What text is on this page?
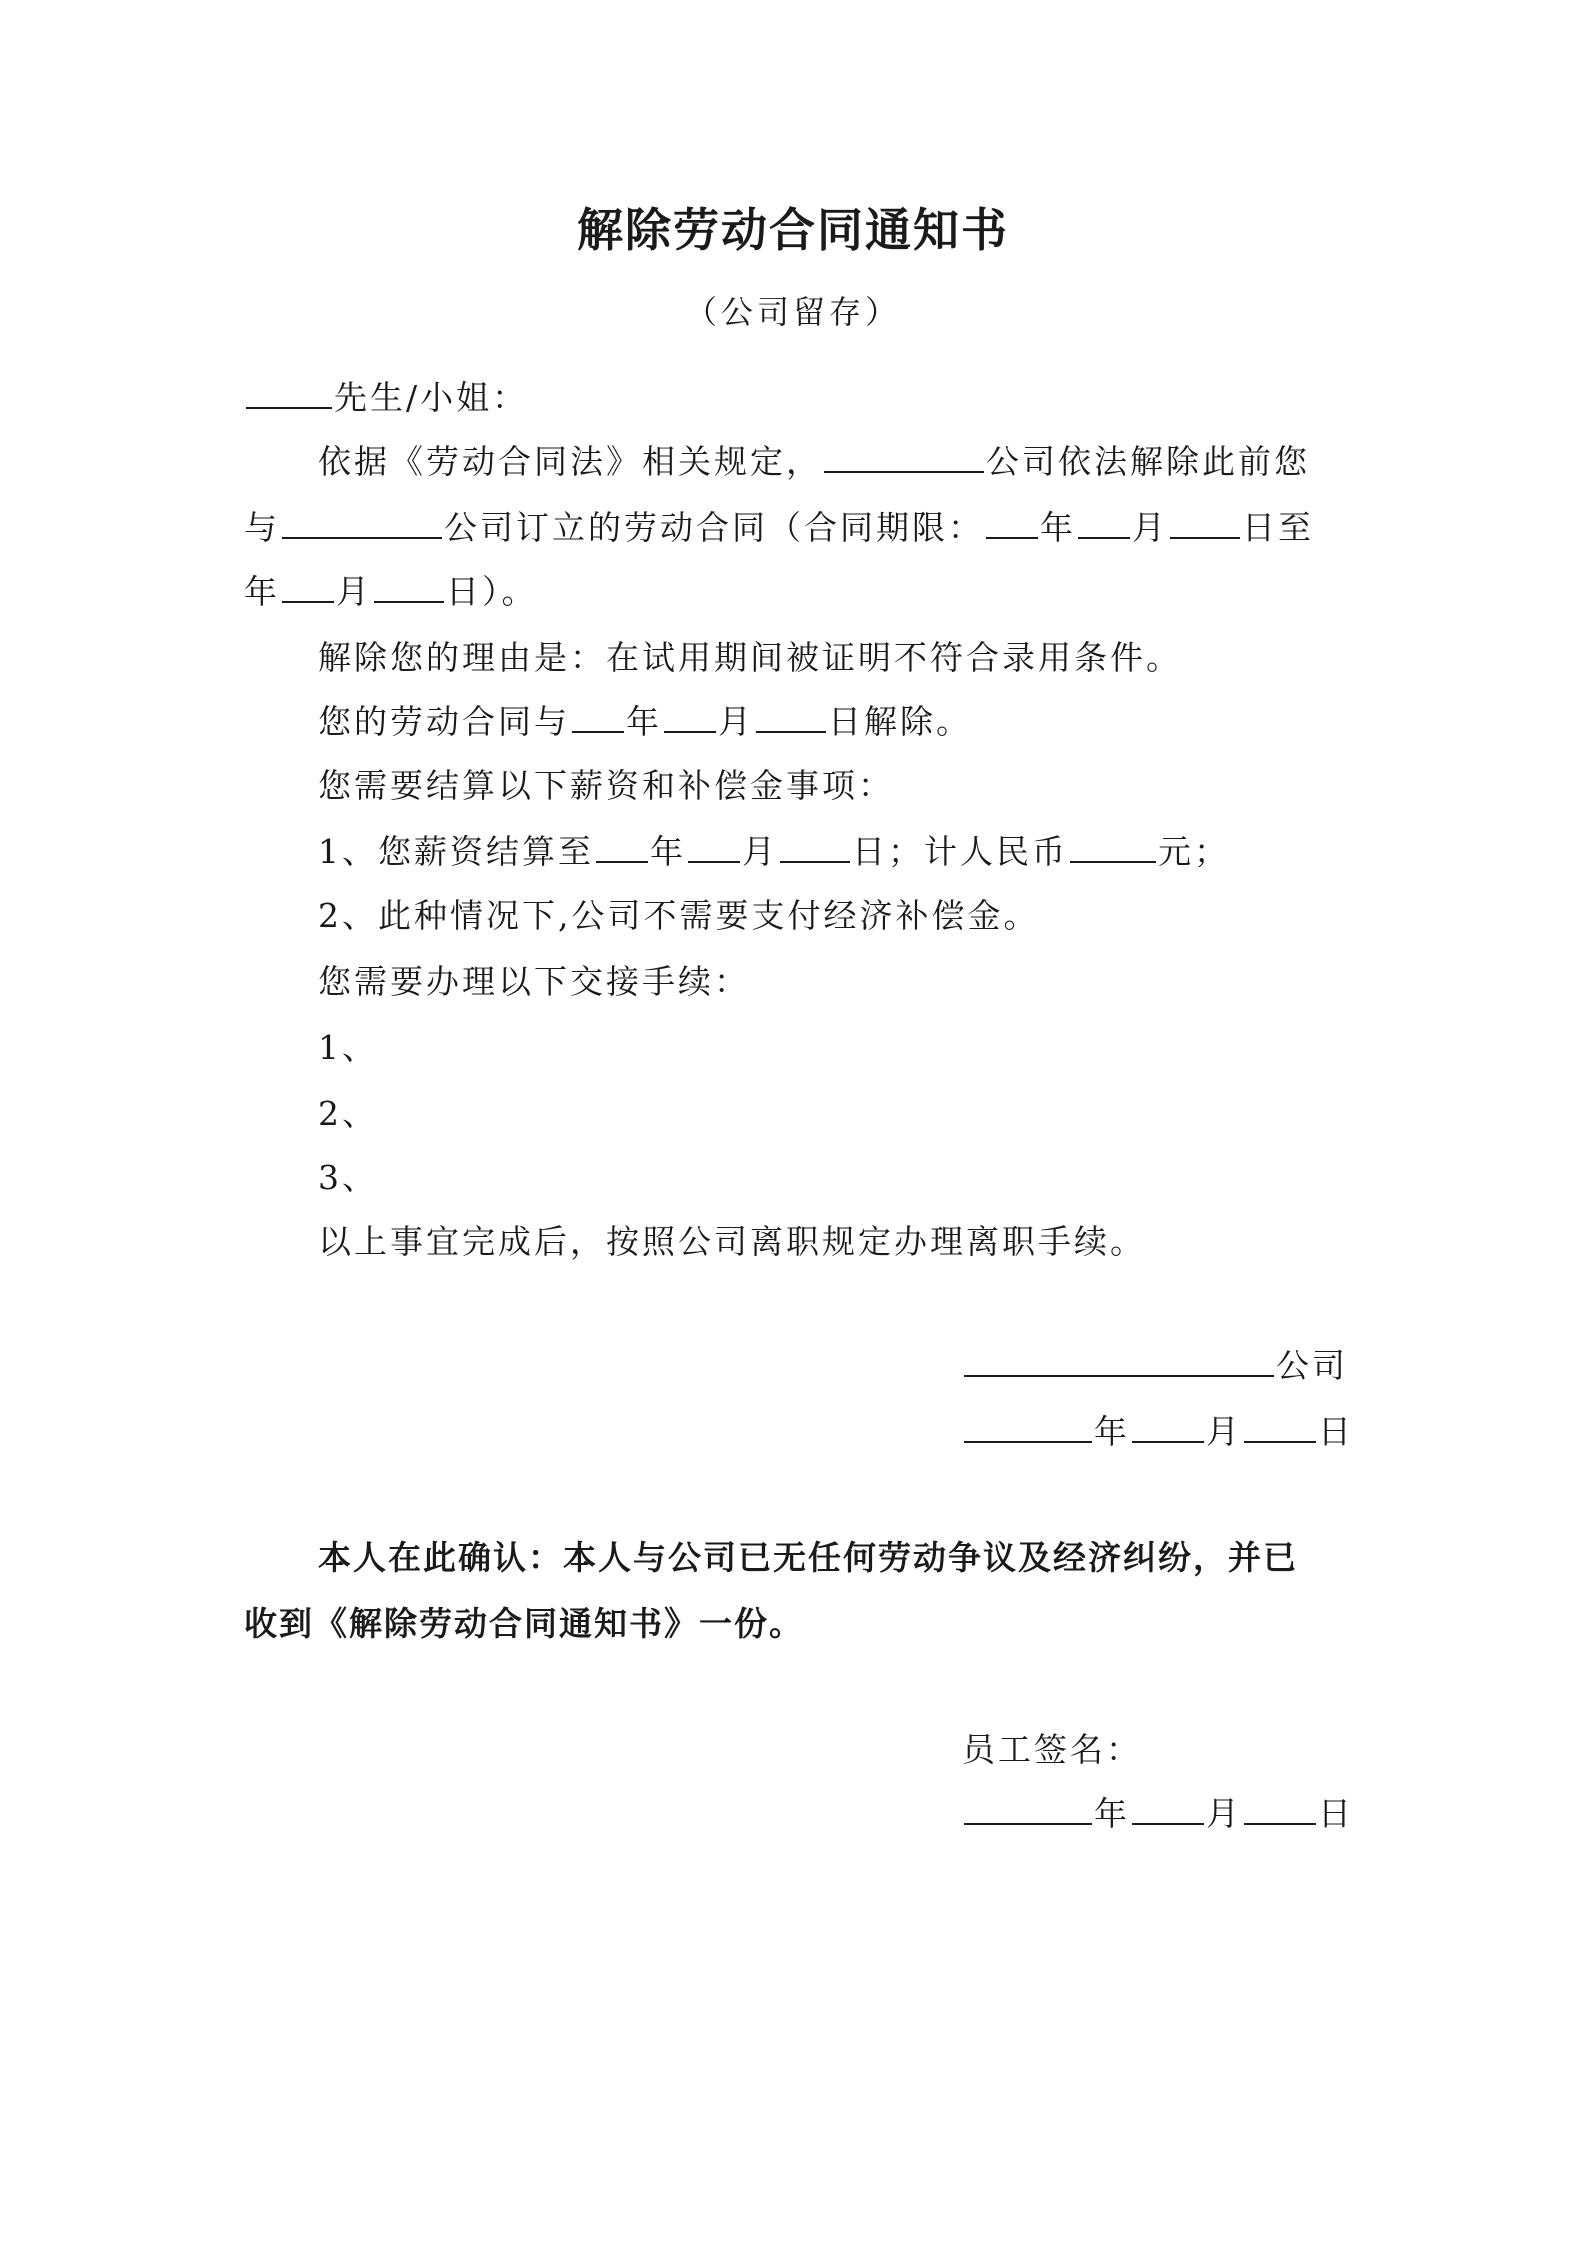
解除劳动合同通知书
（公司留存）
先生/小姐：
依据《劳动合同法》相关规定，	公司依法解除此前您
与	公司订立的劳动合同（合同期限： 年 月 日至
年 月 日）。
解除您的理由是：在试用期间被证明不符合录用条件。
您的劳动合同与 年 月 日解除。
您需要结算以下薪资和补偿金事项：
1、您薪资结算至 年 月 日；计人民币	元；
2、此种情况下,公司不需要支付经济补偿金。
您需要办理以下交接手续：
1、
2、
3、
以上事宜完成后，按照公司离职规定办理离职手续。
公司
年 月 日
本人在此确认：本人与公司已无任何劳动争议及经济纠纷，并已
收到《解除劳动合同通知书》一份。
员工签名：
年 月 日
